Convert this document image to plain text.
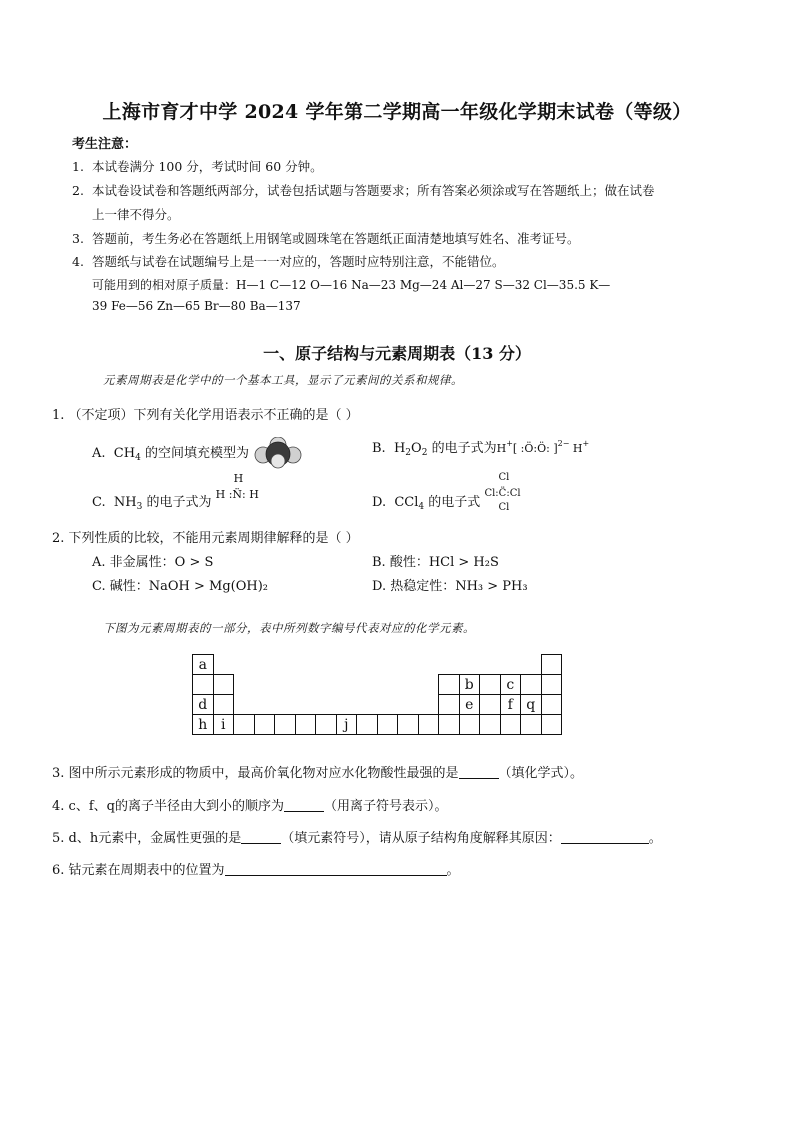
上海市育才中学 2024 学年第二学期高一年级化学期末试卷（等级）
考生注意：
1. 本试卷满分 100 分，考试时间 60 分钟。
2. 本试卷设试卷和答题纸两部分，试卷包括试题与答题要求；所有答案必须涂或写在答题纸上；做在试卷
上一律不得分。
3. 答题前，考生务必在答题纸上用钢笔或圆珠笔在答题纸正面清楚地填写姓名、准考证号。
4. 答题纸与试卷在试题编号上是一一对应的，答题时应特别注意，不能错位。
可能用到的相对原子质量：H—1 C—12 O—16 Na—23 Mg—24 Al—27 S—32 Cl—35.5 K—
39 Fe—56 Zn—65 Br—80 Ba—137
一、原子结构与元素周期表（13 分）
元素周期表是化学中的一个基本工具，显示了元素间的关系和规律。
1. （不定项）下列有关化学用语表示不正确的是（ ）
A.  $CH_4$ 的空间填充模型为	B.  $H_2O_2$ 的电子式为H+[ :Ö:Ö: ]$^{2-}$ H+
C.  $NH_3$ 的电子式为
H
H :N̈: H
D.  CCl$_4$ 的电子式
Cl
Cl:C̈:Cl
Cl
2. 下列性质的比较，不能用元素周期律解释的是（ ）
A. 非金属性：O > S	B. 酸性：HCl > H₂S
C. 碱性：NaOH > Mg(OH)₂	D. 热稳定性：NH₃ > PH₃
下图为元素周期表的一部分，表中所列数字编号代表对应的化学元素。
a																	
													b		c		
d													e		f	q	
h	i						j										
3. 图中所示元素形成的物质中，最高价氧化物对应水化物酸性最强的是	（填化学式）。
4. c、f、q的离子半径由大到小的顺序为	（用离子符号表示）。
5. d、h元素中，金属性更强的是	（填元素符号），请从原子结构角度解释其原因：	。
6. 钴元素在周期表中的位置为	。
